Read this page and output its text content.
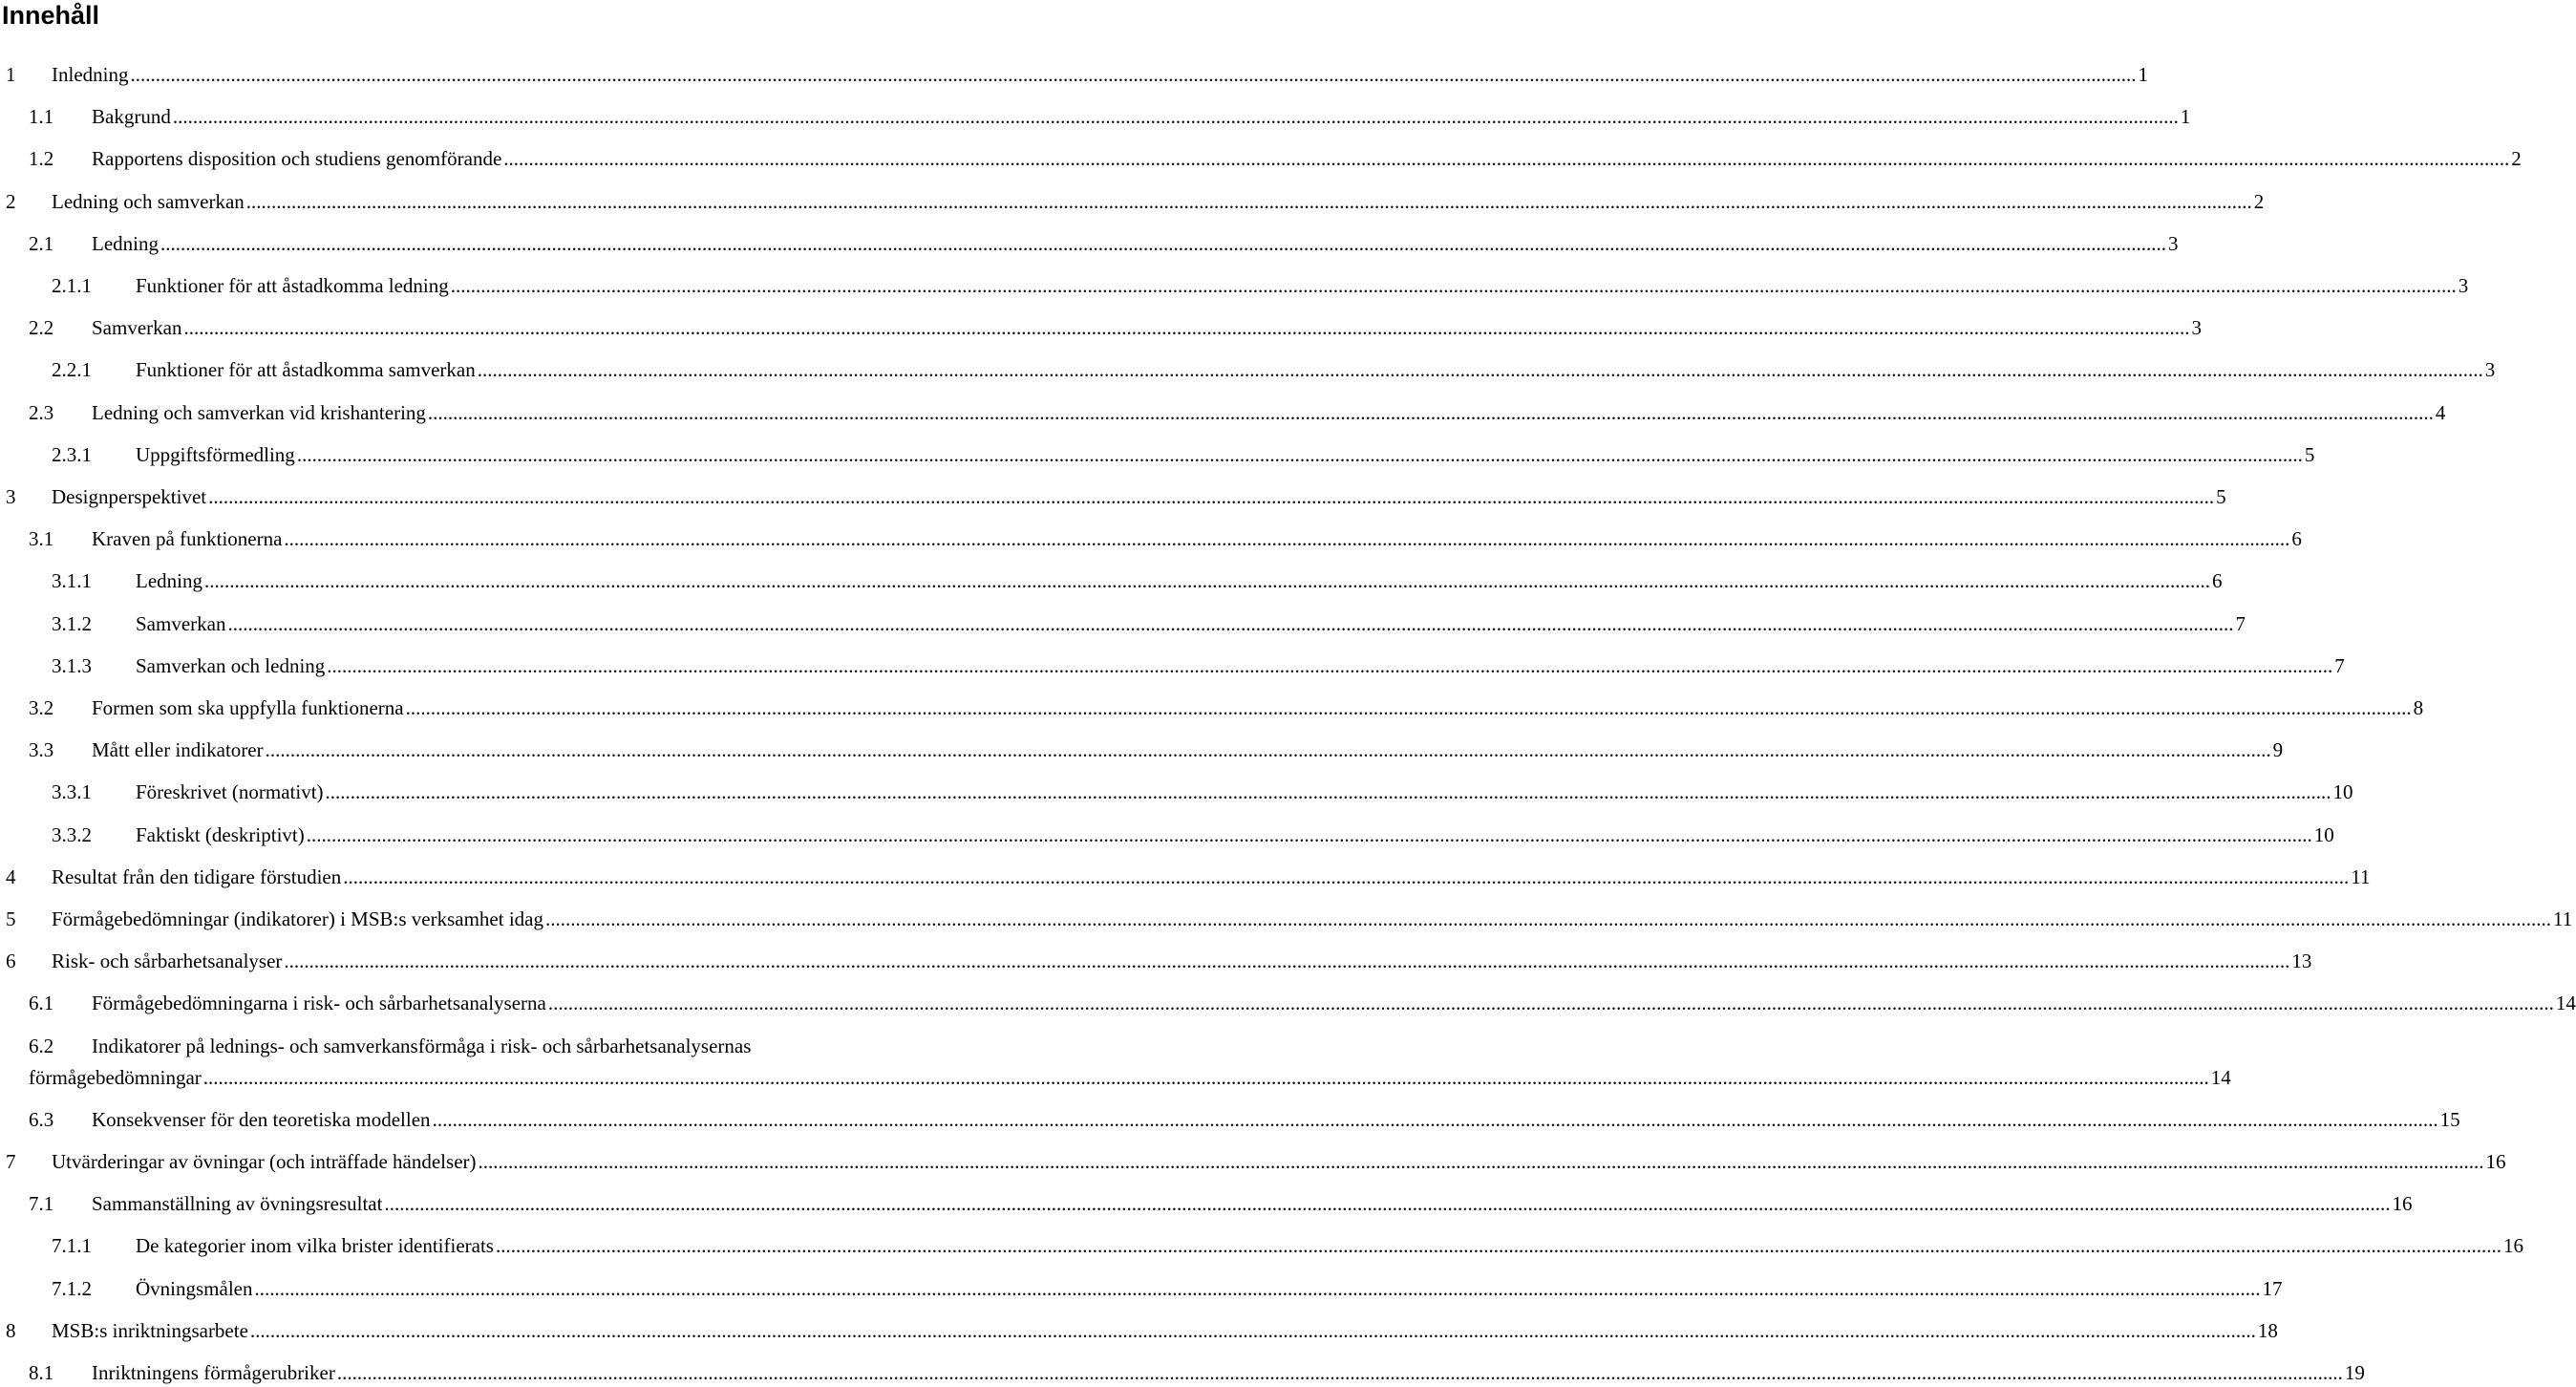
Innehåll
1 Inledning ................................................................................................................................................................................................................................................................................................................................................................................................................ 1
1.1 Bakgrund ................................................................................................................................................................................................................................................................................................................................................................................................................ 1
1.2 Rapportens disposition och studiens genomförande ................................................................................................................................................................................................................................................................................................................................................................................................................ 2
2 Ledning och samverkan ................................................................................................................................................................................................................................................................................................................................................................................................................ 2
2.1 Ledning ................................................................................................................................................................................................................................................................................................................................................................................................................ 3
2.1.1 Funktioner för att åstadkomma ledning ................................................................................................................................................................................................................................................................................................................................................................................................................ 3
2.2 Samverkan ................................................................................................................................................................................................................................................................................................................................................................................................................ 3
2.2.1 Funktioner för att åstadkomma samverkan ................................................................................................................................................................................................................................................................................................................................................................................................................ 3
2.3 Ledning och samverkan vid krishantering ................................................................................................................................................................................................................................................................................................................................................................................................................ 4
2.3.1 Uppgiftsförmedling ................................................................................................................................................................................................................................................................................................................................................................................................................ 5
3 Designperspektivet ................................................................................................................................................................................................................................................................................................................................................................................................................ 5
3.1 Kraven på funktionerna ................................................................................................................................................................................................................................................................................................................................................................................................................ 6
3.1.1 Ledning ................................................................................................................................................................................................................................................................................................................................................................................................................ 6
3.1.2 Samverkan ................................................................................................................................................................................................................................................................................................................................................................................................................ 7
3.1.3 Samverkan och ledning ................................................................................................................................................................................................................................................................................................................................................................................................................ 7
3.2 Formen som ska uppfylla funktionerna ................................................................................................................................................................................................................................................................................................................................................................................................................ 8
3.3 Mått eller indikatorer ................................................................................................................................................................................................................................................................................................................................................................................................................ 9
3.3.1 Föreskrivet (normativt) ................................................................................................................................................................................................................................................................................................................................................................................................................ 10
3.3.2 Faktiskt (deskriptivt) ................................................................................................................................................................................................................................................................................................................................................................................................................ 10
4 Resultat från den tidigare förstudien ................................................................................................................................................................................................................................................................................................................................................................................................................ 11
5 Förmågebedömningar (indikatorer) i MSB:s verksamhet idag ................................................................................................................................................................................................................................................................................................................................................................................................................ 11
6 Risk- och sårbarhetsanalyser ................................................................................................................................................................................................................................................................................................................................................................................................................ 13
6.1 Förmågebedömningarna i risk- och sårbarhetsanalyserna ................................................................................................................................................................................................................................................................................................................................................................................................................ 14
6.2 Indikatorer på lednings- och samverkansförmåga i risk- och sårbarhetsanalysernas
förmågebedömningar ................................................................................................................................................................................................................................................................................................................................................................................................................ 14
6.3 Konsekvenser för den teoretiska modellen ................................................................................................................................................................................................................................................................................................................................................................................................................ 15
7 Utvärderingar av övningar (och inträffade händelser) ................................................................................................................................................................................................................................................................................................................................................................................................................ 16
7.1 Sammanställning av övningsresultat ................................................................................................................................................................................................................................................................................................................................................................................................................ 16
7.1.1 De kategorier inom vilka brister identifierats ................................................................................................................................................................................................................................................................................................................................................................................................................ 16
7.1.2 Övningsmålen ................................................................................................................................................................................................................................................................................................................................................................................................................ 17
8 MSB:s inriktningsarbete ................................................................................................................................................................................................................................................................................................................................................................................................................ 18
8.1 Inriktningens förmågerubriker ................................................................................................................................................................................................................................................................................................................................................................................................................ 19
